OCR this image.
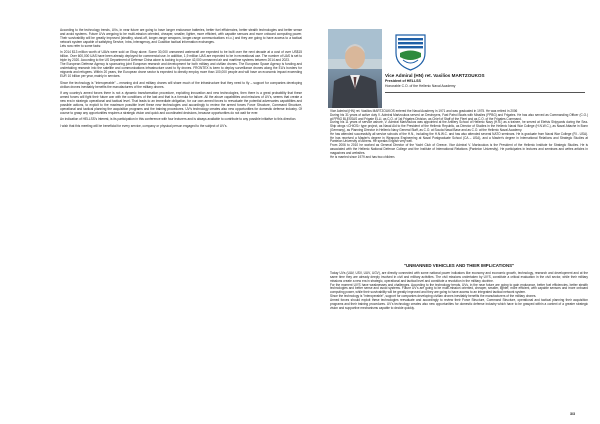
According to the technology trends, UVs, in near future are going to have longer endurance batteries, better fuel efficiencies, better stealth technologies and better sense and avoid systems. Future UVs aregoing to be multi-mission oriented, cheaper, smaller, lighter, more efficient, with capable sensors and more onboard computing power. Their survivability will be greatly improved (stealthy, stand-off, longer-range weapons, longer-range communications e.t.c.) and they are going to have access to a tactical network system capable of satisfying Service, Intra, Interagency, and Coalition tactical information exchanges.
Lets now refer to some facts:

In 2014 $13 million worth of UAVs were sold on Ebay alone. Some 30,000 unmanned watercraft are expected to be built over the next decade at a cost of over US$15 billion. Over 600,000 UAS have been already deployed for commercial use. In addition, 1,9 million UAS are expected to be in recreational use. The number of UAS is set to triple by 2020. According to the US Department of Defense China alone is looking to produce 42,000 unmanned air and maritime systems between 2014 and 2023.
The European Defense Agency is sponsoring joint European research and development for both military and civilian drones. The European Space Agency is funding and undertaking research into the satellite and communications infrastructure used to fly drones. FRONTEX is keen to deploy surveillance drones along the EU's borders for migrants and refugees. Within 20 years, the European drone sector is expected to directly employ more than 100,000 people and will have an economic impact exceeding EUR 10 billion per year, mainly in services.

Since the technology is "interoperable" – meaning civil and military drones will share much of the infrastructure that they need to fly – support for companies developing civilian drones inevitably benefits the manufacturers of the military drones.

If any country's armed forces there is not a dynamic transformation procedure, exploiting innovation and new technologies, then there is a great probability that these armed forces will fight their future war with the conditions of the last and that is a formula for failure. All the above capabilities and missions of UV's, seems that create a new era in strategic operational and tactical level. That leads to an immediate obligation, for our own armed forces to reevaluate the potential adversaries capabilities and possible actions, to exploit to the maximum possible level these new technologies and accordingly to review the armed forces Force Structure, Command Structure, operational and tactical planning the acquisition programs and the training procedures. UV's technology creates also new opportunities for domestic defense industry. Of course to grasp any opportunities requires a strategic vision and quick and coordinated decisions, because opportunities do not wait for ever.

An indication of HELLSS's interest, is its participation in this conference with four lecturers and is always available to contribute to any possible initiative to this direction.

I wish that this meeting will be beneficial for every service, company or physical person engaged to the subject of UV's.

Vice Admiral (HN) ret. Vasilios MARTZOUKOS

President of HELLSS

Honorable C.O. of the Hellenic Naval Academy

Vice Admiral (HN) ret. Vasilios MARTZOUKOS entered the Naval Academy in 1971 and was graduated in 1975. He was retired in 2006
During his 31 years of active duty V. Admiral Martzoukos served on Destroyers, Fast Patrol Boats with Missiles (FPBG) and Frigates. He has also served as Commanding Officer (C.O.) at FPBG BLESSAS and Frigate ELLI, as C.O. of 1st Frigates Division, as Chief of Staff of the Fleet and as C.O. of the Frigates Command.
During his 11 years of service ashore, V. Admiral Martzoukos was appointed at the Artillery School of Hellenic Navy (H.N.) as a trainee, he served at Elefsis Shipyards during the Sea-Ship wings <CHIOS> type project, as Naval Aid to the President of the Hellenic Republic, as Director of Studies in the Hellenic Naval War College (H.N.W.C.), as Naval Attache in Bonn (Germany), as Planning Director in Hellenic Navy General Staff, as C.O. at Souda Naval Base and as C.O. at the Hellenic Naval Academy.
He has attended successfully all service schools of the H.N., including the H.N.W.C. and has also attended several NATO seminars. He is graduate from Naval War College (RI - USA). He has received a Master's degree in Weapons Engineering at Naval Postgraduate School (CA – USA), and a Master's degree in International Relations and Strategic Studies at Panteion University of Athens. He speaks English very well.
From 2006 to 2010 he worked as General Director of the Yacht Club of Greece. Vice Admiral V. Martzoukos is the President of the Hellenic Institute for Strategic Studies. He is associated with the Hellenic National Defence College and the Institute of International Relations (Panteion University). He participates in lectures and seminars and writes articles in magazines and websites.
He is married since 1979 and has two children.

"UNMANNED VEHICLES AND THEIR IMPLICATIONS"

Today UVs (UAV, USV, UUV, UGV), are directly connected with some national power indicators like economy and economic growth, technology, research and development and at the same time they are already deeply involved in civil and military activities. The civil missions undertaken by UV'S, constitute a critical evaluation in the civil sector, while their military missions create a new era in strategic, operational and tactical level and constitute a revolution in the military doctrine.
For the moment UV'S have weaknesses and challenges. According to the technology trends, UVs, in the near future are going to gain endurance, better fuel efficiencies, better stealth technologies and better sense and avoid systems. Future UV's are going to be multi-mission oriented, cheaper, smaller, lighter, more efficient, with capable sensors and more onboard computing power, while their survivability will be greatly improved and they are going to have access to an integrated tactical network system.
Since the technology is "interoperable", support for companies developing civilian drones inevitably benefits the manufacturers of the military drones.
Armed forces should exploit these technologies reevaluate and accordingly to review their Force Structure, Command Structure, operational and tactical planning their acquisition programs and their training procedures. UV's technology creates also new opportunities for domestic defense industry which have to be grasped within a context of a greater strategic vision and supportive mechanisms capable to decide quickly.

3/3
